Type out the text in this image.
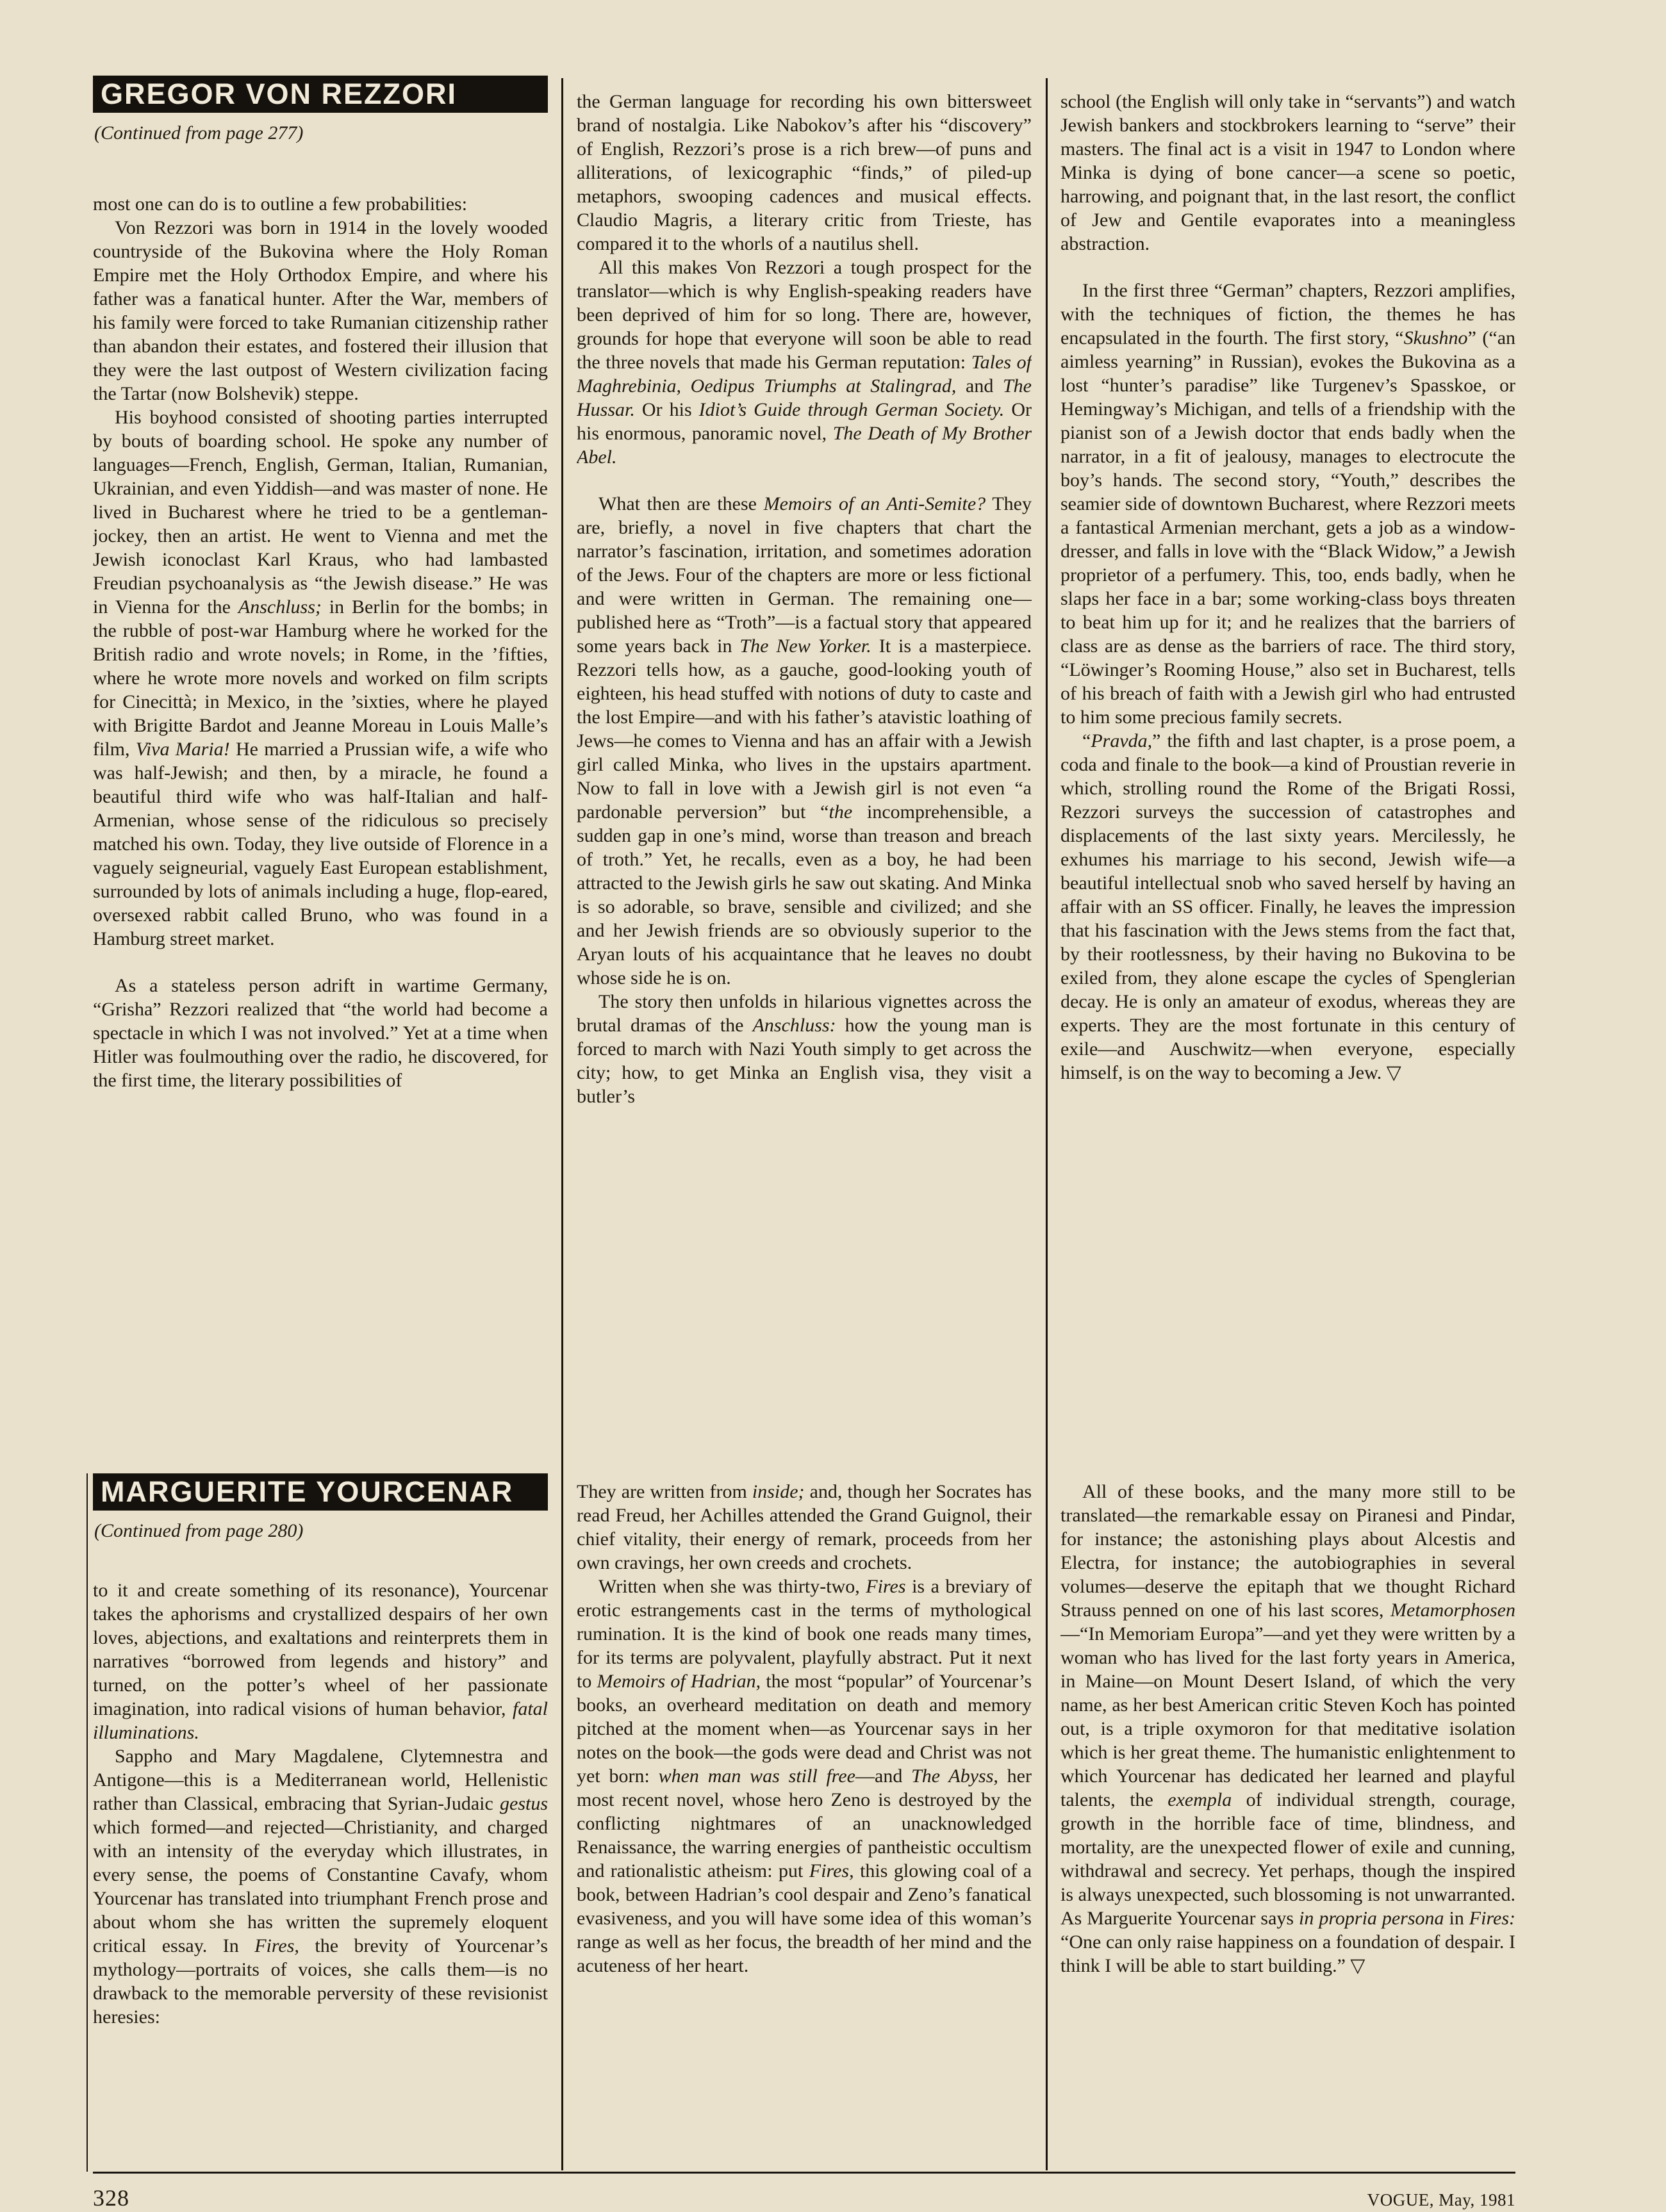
GREGOR VON REZZORI

(Continued from page 277)

most one can do is to outline a few probabilities:

Von Rezzori was born in 1914 in the lovely wooded countryside of the Bukovina where the Holy Roman Empire met the Holy Orthodox Empire, and where his father was a fanatical hunter. After the War, members of his family were forced to take Rumanian citizenship rather than abandon their estates, and fostered their illusion that they were the last outpost of Western civilization facing the Tartar (now Bolshevik) steppe.

His boyhood consisted of shooting parties interrupted by bouts of boarding school. He spoke any number of languages—French, English, German, Italian, Rumanian, Ukrainian, and even Yiddish—and was master of none. He lived in Bucharest where he tried to be a gentleman-jockey, then an artist. He went to Vienna and met the Jewish iconoclast Karl Kraus, who had lambasted Freudian psychoanalysis as “the Jewish disease.” He was in Vienna for the Anschluss; in Berlin for the bombs; in the rubble of post-war Hamburg where he worked for the British radio and wrote novels; in Rome, in the ’fifties, where he wrote more novels and worked on film scripts for Cinecittà; in Mexico, in the ’sixties, where he played with Brigitte Bardot and Jeanne Moreau in Louis Malle’s film, Viva Maria! He married a Prussian wife, a wife who was half-Jewish; and then, by a miracle, he found a beautiful third wife who was half-Italian and half-Armenian, whose sense of the ridiculous so precisely matched his own. Today, they live outside of Florence in a vaguely seigneurial, vaguely East European establishment, surrounded by lots of animals including a huge, flop-eared, oversexed rabbit called Bruno, who was found in a Hamburg street market.

As a stateless person adrift in wartime Germany, “Grisha” Rezzori realized that “the world had become a spectacle in which I was not involved.” Yet at a time when Hitler was foulmouthing over the radio, he discovered, for the first time, the literary possibilities of

the German language for recording his own bittersweet brand of nostalgia. Like Nabokov’s after his “discovery” of English, Rezzori’s prose is a rich brew—of puns and alliterations, of lexicographic “finds,” of piled-up metaphors, swooping cadences and musical effects. Claudio Magris, a literary critic from Trieste, has compared it to the whorls of a nautilus shell.

All this makes Von Rezzori a tough prospect for the translator—which is why English-speaking readers have been deprived of him for so long. There are, however, grounds for hope that everyone will soon be able to read the three novels that made his German reputation: Tales of Maghrebinia, Oedipus Triumphs at Stalingrad, and The Hussar. Or his Idiot’s Guide through German Society. Or his enormous, panoramic novel, The Death of My Brother Abel.

What then are these Memoirs of an Anti-Semite? They are, briefly, a novel in five chapters that chart the narrator’s fascination, irritation, and sometimes adoration of the Jews. Four of the chapters are more or less fictional and were written in German. The remaining one—published here as “Troth”—is a factual story that appeared some years back in The New Yorker. It is a masterpiece. Rezzori tells how, as a gauche, good-looking youth of eighteen, his head stuffed with notions of duty to caste and the lost Empire—and with his father’s atavistic loathing of Jews—he comes to Vienna and has an affair with a Jewish girl called Minka, who lives in the upstairs apartment. Now to fall in love with a Jewish girl is not even “a pardonable perversion” but “the incomprehensible, a sudden gap in one’s mind, worse than treason and breach of troth.” Yet, he recalls, even as a boy, he had been attracted to the Jewish girls he saw out skating. And Minka is so adorable, so brave, sensible and civilized; and she and her Jewish friends are so obviously superior to the Aryan louts of his acquaintance that he leaves no doubt whose side he is on.

The story then unfolds in hilarious vignettes across the brutal dramas of the Anschluss: how the young man is forced to march with Nazi Youth simply to get across the city; how, to get Minka an English visa, they visit a butler’s

school (the English will only take in “servants”) and watch Jewish bankers and stockbrokers learning to “serve” their masters. The final act is a visit in 1947 to London where Minka is dying of bone cancer—a scene so poetic, harrowing, and poignant that, in the last resort, the conflict of Jew and Gentile evaporates into a meaningless abstraction.

In the first three “German” chapters, Rezzori amplifies, with the techniques of fiction, the themes he has encapsulated in the fourth. The first story, “Skushno” (“an aimless yearning” in Russian), evokes the Bukovina as a lost “hunter’s paradise” like Turgenev’s Spasskoe, or Hemingway’s Michigan, and tells of a friendship with the pianist son of a Jewish doctor that ends badly when the narrator, in a fit of jealousy, manages to electrocute the boy’s hands. The second story, “Youth,” describes the seamier side of downtown Bucharest, where Rezzori meets a fantastical Armenian merchant, gets a job as a window-dresser, and falls in love with the “Black Widow,” a Jewish proprietor of a perfumery. This, too, ends badly, when he slaps her face in a bar; some working-class boys threaten to beat him up for it; and he realizes that the barriers of class are as dense as the barriers of race. The third story, “Löwinger’s Rooming House,” also set in Bucharest, tells of his breach of faith with a Jewish girl who had entrusted to him some precious family secrets.

“Pravda,” the fifth and last chapter, is a prose poem, a coda and finale to the book—a kind of Proustian reverie in which, strolling round the Rome of the Brigati Rossi, Rezzori surveys the succession of catastrophes and displacements of the last sixty years. Mercilessly, he exhumes his marriage to his second, Jewish wife—a beautiful intellectual snob who saved herself by having an affair with an SS officer. Finally, he leaves the impression that his fascination with the Jews stems from the fact that, by their rootlessness, by their having no Bukovina to be exiled from, they alone escape the cycles of Spenglerian decay. He is only an amateur of exodus, whereas they are experts. They are the most fortunate in this century of exile—and Auschwitz—when everyone, especially himself, is on the way to becoming a Jew. ▽

MARGUERITE YOURCENAR

(Continued from page 280)

to it and create something of its resonance), Yourcenar takes the aphorisms and crystallized despairs of her own loves, abjections, and exaltations and reinterprets them in narratives “borrowed from legends and history” and turned, on the potter’s wheel of her passionate imagination, into radical visions of human behavior, fatal illuminations.

Sappho and Mary Magdalene, Clytemnestra and Antigone—this is a Mediterranean world, Hellenistic rather than Classical, embracing that Syrian-Judaic gestus which formed—and rejected—Christianity, and charged with an intensity of the everyday which illustrates, in every sense, the poems of Constantine Cavafy, whom Yourcenar has translated into triumphant French prose and about whom she has written the supremely eloquent critical essay. In Fires, the brevity of Yourcenar’s mythology—portraits of voices, she calls them—is no drawback to the memorable perversity of these revisionist heresies:

They are written from inside; and, though her Socrates has read Freud, her Achilles attended the Grand Guignol, their chief vitality, their energy of remark, proceeds from her own cravings, her own creeds and crochets.

Written when she was thirty-two, Fires is a breviary of erotic estrangements cast in the terms of mythological rumination. It is the kind of book one reads many times, for its terms are polyvalent, playfully abstract. Put it next to Memoirs of Hadrian, the most “popular” of Yourcenar’s books, an overheard meditation on death and memory pitched at the moment when—as Yourcenar says in her notes on the book—the gods were dead and Christ was not yet born: when man was still free—and The Abyss, her most recent novel, whose hero Zeno is destroyed by the conflicting nightmares of an unacknowledged Renaissance, the warring energies of pantheistic occultism and rationalistic atheism: put Fires, this glowing coal of a book, between Hadrian’s cool despair and Zeno’s fanatical evasiveness, and you will have some idea of this woman’s range as well as her focus, the breadth of her mind and the acuteness of her heart.

All of these books, and the many more still to be translated—the remarkable essay on Piranesi and Pindar, for instance; the astonishing plays about Alcestis and Electra, for instance; the autobiographies in several volumes—deserve the epitaph that we thought Richard Strauss penned on one of his last scores, Metamorphosen—“In Memoriam Europa”—and yet they were written by a woman who has lived for the last forty years in America, in Maine—on Mount Desert Island, of which the very name, as her best American critic Steven Koch has pointed out, is a triple oxymoron for that meditative isolation which is her great theme. The humanistic enlightenment to which Yourcenar has dedicated her learned and playful talents, the exempla of individual strength, courage, growth in the horrible face of time, blindness, and mortality, are the unexpected flower of exile and cunning, withdrawal and secrecy. Yet perhaps, though the inspired is always unexpected, such blossoming is not unwarranted. As Marguerite Yourcenar says in propria persona in Fires: “One can only raise happiness on a foundation of despair. I think I will be able to start building.” ▽

328	VOGUE, May, 1981
